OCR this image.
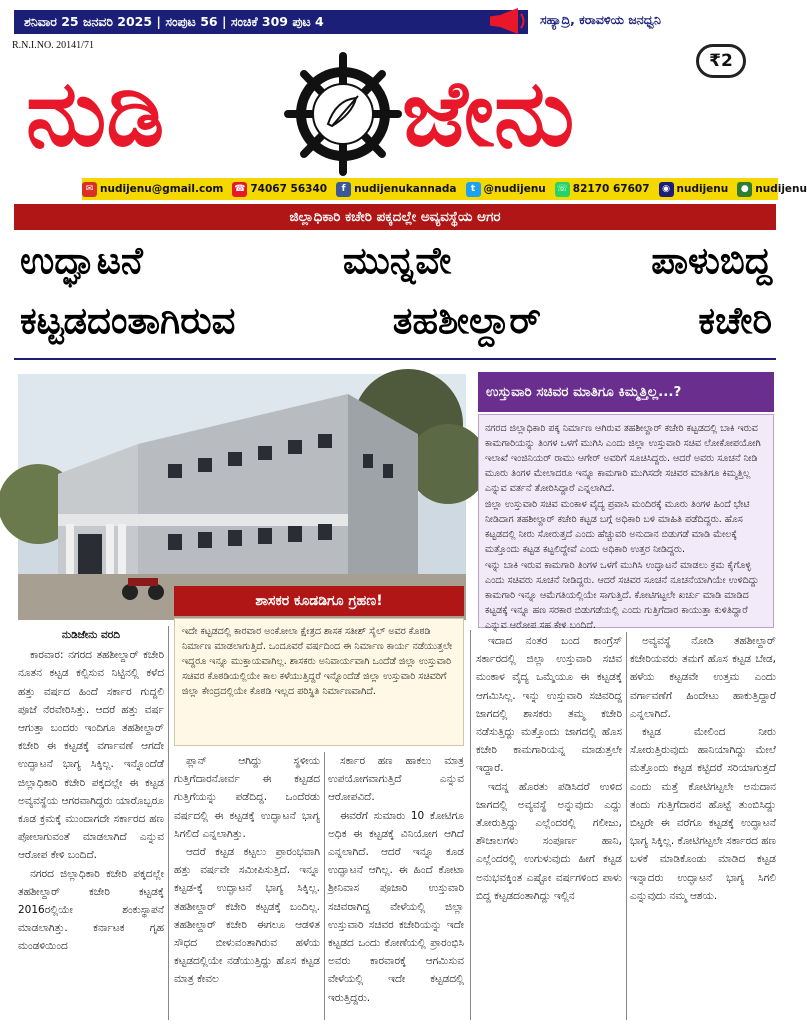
ಶನಿವಾರ 25 ಜನವರಿ 2025 | ಸಂಪುಟ 56 | ಸಂಚಿಕೆ 309 ಪುಟ 4	ಸಹ್ಯಾದ್ರಿ, ಕರಾವಳಿಯ ಜನಧ್ವನಿ
R.N.I.NO. 20141/71
ನುಡಿ	ಜೇನು	₹2
✉ nudijenu@gmail.com ☎ 74067 56340	f nudijenukannada	t @nudijenu ☏ 82170 67607	◉ nudijenu	● nudijenu
ಜಿಲ್ಲಾಧಿಕಾರಿ ಕಚೇರಿ ಪಕ್ಕದಲ್ಲೇ ಅವ್ಯವಸ್ಥೆಯ ಆಗರ
ಉದ್ಘಾಟನೆ ಮುನ್ನವೇ ಪಾಳುಬಿದ್ದ
ಕಟ್ಟಡದಂತಾಗಿರುವ ತಹಶೀಲ್ದಾರ್ ಕಚೇರಿ
ಉಸ್ತುವಾರಿ ಸಚಿವರ ಮಾತಿಗೂ ಕಿಮ್ಮತ್ತಿಲ್ಲ...?

ನಗರದ ಜಿಲ್ಲಾಧಿಕಾರಿ ಪಕ್ಕ ನಿರ್ಮಾಣ ಆಗಿರುವ ತಹಶೀಲ್ದಾರ್ ಕಚೇರಿ ಕಟ್ಟಡದಲ್ಲಿ ಬಾಕಿ ಇರುವ ಕಾಮಗಾರಿಯನ್ನು ತಿಂಗಳ ಒಳಗೆ ಮುಗಿಸಿ ಎಂದು ಜಿಲ್ಲಾ ಉಸ್ತುವಾರಿ ಸಚಿವ ಲೋಕೋಪಯೋಗಿ ಇಲಾಖೆ ಇಂಜಿನಿಯರ್ ರಾಮು ಆಗೇರ್ ಅವರಿಗೆ ಸೂಚಿಸಿದ್ದರು. ಆದರೆ ಅವರು ಸೂಚನೆ ನೀಡಿ ಮೂರು ತಿಂಗಳ ಮೇಲಾದರೂ ಇನ್ನೂ ಕಾಮಗಾರಿ ಮುಗಿಸದೇ ಸಚಿವರ ಮಾತಿಗೂ ಕಿಮ್ಮತ್ತಿಲ್ಲ ಎನ್ನುವ ವರ್ತನೆ ತೋರಿಸಿದ್ದಾರೆ ಎನ್ನಲಾಗಿದೆ.

ಜಿಲ್ಲಾ ಉಸ್ತುವಾರಿ ಸಚಿವ ಮಂಕಾಳ ವೈದ್ಯ ಪ್ರವಾಸಿ ಮಂದಿರಕ್ಕೆ ಮೂರು ತಿಂಗಳ ಹಿಂದೆ ಭೇಟಿ ನೀಡಿದಾಗ ತಹಶೀಲ್ದಾರ್ ಕಚೇರಿ ಕಟ್ಟಡ ಬಗ್ಗೆ ಅಧಿಕಾರಿ ಬಳಿ ಮಾಹಿತಿ ಪಡೆದಿದ್ದರು. ಹೊಸ ಕಟ್ಟಡದಲ್ಲಿ ನೀರು ಸೋರುತ್ತದೆ ಎಂದು ಹೆಚ್ಚುವರಿ ಅನುದಾನ ಬಿಡುಗಡೆ ಮಾಡಿ ಮೇಲಕ್ಕೆ ಮತ್ತೊಂದು ಕಟ್ಟಡ ಕಟ್ಟಲಿದ್ದೇವೆ ಎಂದು ಅಧಿಕಾರಿ ಉತ್ತರ ನೀಡಿದ್ದರು.

ಇನ್ನು ಬಾಕಿ ಇರುವ ಕಾಮಗಾರಿ ತಿಂಗಳ ಒಳಗೆ ಮುಗಿಸಿ ಉದ್ಘಾಟನೆ ಮಾಡಲು ಕ್ರಮ ಕೈಗೊಳ್ಳಿ ಎಂದು ಸಚಿವರು ಸೂಚನೆ ನೀಡಿದ್ದರು. ಆದರೆ ಸಚಿವರ ಸೂಚನೆ ನೂಚನೆಯಾಗಿಯೇ ಉಳಿದಿದ್ದು ಕಾಮಗಾರಿ ಇನ್ನೂ ಆಮೆಗತಿಯಲ್ಲಿಯೇ ಸಾಗುತ್ತಿದೆ. ಕೋಟಿಗಟ್ಟಲೇ ಖರ್ಚು ಮಾಡಿ ಮಾಡಿದ ಕಟ್ಟಡಕ್ಕೆ ಇನ್ನೂ ಹಣ ಸರಕಾರ ಬಿಡುಗಡೆಯಲ್ಲಿ ಎಂದು ಗುತ್ತಿಗೆದಾರ ಕಾಯುತ್ತಾ ಕುಳಿತಿದ್ದಾರೆ ಎನ್ನುವ ಆರೋಪ ಸಹ ಕೇಳಿ ಬಂದಿದೆ.

ಶಾಸಕರ ಕೂಡಡಿಗೂ ಗ್ರಹಣ!

ಇದೇ ಕಟ್ಟಡದಲ್ಲಿ ಕಾರವಾರ ಅಂಕೋಲಾ ಕ್ಷೇತ್ರದ ಶಾಸಕ ಸತೀಶ್ ಸೈಲ್ ಅವರ ಕೊಠಡಿ ನಿರ್ಮಾಣ ಮಾಡಲಾಗುತ್ತಿದೆ. ಒಂದೂವರೆ ವರ್ಷದಿಂದ ಈ ನಿರ್ಮಾಣ ಕಾರ್ಯ ನಡೆಯುತ್ತಲೇ ಇದ್ದರೂ ಇನ್ನೂ ಮುಕ್ತಾಯವಾಗಿಲ್ಲ. ಶಾಸಕರು ಅನಿವಾರ್ಯವಾಗಿ ಒಂದೆಡೆ ಜಿಲ್ಲಾ ಉಸ್ತುವಾರಿ ಸಚಿವರ ಕೊಠಡಿಯಲ್ಲಿಯೇ ಕಾಲ ಕಳೆಯುತ್ತಿದ್ದರೆ ಇನ್ನೊಂದೆಡೆ ಜಿಲ್ಲಾ ಉಸ್ತುವಾರಿ ಸಚಿವರಿಗೆ ಜಿಲ್ಲಾ ಕೇಂದ್ರದಲ್ಲಿಯೇ ಕೊಠಡಿ ಇಲ್ಲದ ಪರಿಸ್ಥಿತಿ ನಿರ್ಮಾಣವಾಗಿದೆ.

ನುಡಿಜೇನು ವರದಿ

ಕಾರವಾರ: ನಗರದ ತಹಶೀಲ್ದಾರ್ ಕಚೇರಿ ನೂತನ ಕಟ್ಟಡ ಕಲ್ಪಿಸುವ ನಿಟ್ಟಿನಲ್ಲಿ ಕಳೆದ ಹತ್ತು ವರ್ಷದ ಹಿಂದೆ ಸರ್ಕಾರ ಗುದ್ದಲಿ ಪೂಜೆ ನೆರವೇರಿಸಿತ್ತು. ಆದರೆ ಹತ್ತು ವರ್ಷ ಆಗುತ್ತಾ ಬಂದರು ಇಂದಿಗೂ ತಹಶೀಲ್ದಾರ್ ಕಚೇರಿ ಈ ಕಟ್ಟಡಕ್ಕೆ ವರ್ಗಾವಣೆ ಆಗದೇ ಉದ್ಘಾಟನೆ ಭಾಗ್ಯ ಸಿಕ್ಕಿಲ್ಲ. ಇನ್ನೊಂದೆಡೆ ಜಿಲ್ಲಾಧಿಕಾರಿ ಕಚೇರಿ ಪಕ್ಕದಲ್ಲೇ ಈ ಕಟ್ಟಡ ಅವ್ಯವಸ್ಥೆಯ ಆಗರವಾಗಿದ್ದರು ಯಾರೊಬ್ಬರೂ ಕೂಡ ಕ್ರಮಕ್ಕೆ ಮುಂದಾಗದೇ ಸರ್ಕಾರದ ಹಣ ಪೋಲಾಗುವಂತೆ ಮಾಡಲಾಗಿದೆ ಎನ್ನುವ ಆರೋಪ ಕೇಳಿ ಬಂದಿದೆ.

ನಗರದ ಜಿಲ್ಲಾಧಿಕಾರಿ ಕಚೇರಿ ಪಕ್ಕದಲ್ಲೇ ತಹಶೀಲ್ದಾರ್ ಕಚೇರಿ ಕಟ್ಟಡಕ್ಕೆ 2016ರಲ್ಲಿಯೇ ಶಂಕುಸ್ಥಾಪನೆ ಮಾಡಲಾಗಿತ್ತು. ಕರ್ನಾಟಕ ಗೃಹ ಮಂಡಳಿಯಿಂದ

ಪ್ಲಾನ್ ಆಗಿದ್ದು ಸ್ಥಳೀಯ ಗುತ್ತಿಗೆದಾರನೋರ್ವ ಈ ಕಟ್ಟಡದ ಗುತ್ತಿಗೆಯನ್ನು ಪಡೆದಿದ್ದ. ಒಂದೆರಡು ವರ್ಷದಲ್ಲಿ ಈ ಕಟ್ಟಡಕ್ಕೆ ಉದ್ಘಾಟನೆ ಭಾಗ್ಯ ಸಿಗಲಿದೆ ಎನ್ನಲಾಗಿತ್ತು.

ಆದರೆ ಕಟ್ಟಡ ಕಟ್ಟಲು ಪ್ರಾರಂಭವಾಗಿ ಹತ್ತು ವರ್ಷವೇ ಸಮೀಪಿಸುತ್ತಿದೆ. ಇನ್ನೂ ಕಟ್ಟಡ-ಕ್ಕೆ ಉದ್ಘಾಟನೆ ಭಾಗ್ಯ ಸಿಕ್ಕಿಲ್ಲ. ತಹಶೀಲ್ದಾರ್ ಕಚೇರಿ ಕಟ್ಟಡಕ್ಕೆ ಬಂದಿಲ್ಲ. ತಹಶೀಲ್ದಾರ್ ಕಚೇರಿ ಈಗಲೂ ಆಡಳಿತ ಸೌಧದ ಬೀಳುವಂತಾಗಿರುವ ಹಳೆಯ ಕಟ್ಟಡದಲ್ಲಿಯೇ ನಡೆಯುತ್ತಿದ್ದು ಹೊಸ ಕಟ್ಟಡ ಮಾತ್ರ ಕೇವಲ

ಸರ್ಕಾರ ಹಣ ಹಾಕಲು ಮಾತ್ರ ಉಪಯೋಗವಾಗುತ್ತಿದೆ ಎನ್ನುವ ಆರೋಪವಿದೆ.

ಈವರೆಗೆ ಸುಮಾರು 10 ಕೋಟಿಗೂ ಅಧಿಕ ಈ ಕಟ್ಟಡಕ್ಕೆ ವಿನಿಯೋಗ ಆಗಿದೆ ಎನ್ನಲಾಗಿದೆ. ಆದರೆ ಇನ್ನೂ ಕೂಡ ಉದ್ಘಾಟನೆ ಆಗಿಲ್ಲ. ಈ ಹಿಂದೆ ಕೋಟಾ ಶ್ರೀನಿವಾಸ ಪೂಜಾರಿ ಉಸ್ತುವಾರಿ ಸಚಿವರಾಗಿದ್ದ ವೇಳೆಯಲ್ಲಿ ಜಿಲ್ಲಾ ಉಸ್ತುವಾರಿ ಸಚಿವರ ಕಚೇರಿಯನ್ನು ಇದೇ ಕಟ್ಟಡದ ಒಂದು ಕೋಣೆಯಲ್ಲಿ ಪ್ರಾರಂಭಿಸಿ ಅವರು ಕಾರವಾರಕ್ಕೆ ಆಗಮಿಸುವ ವೇಳೆಯಲ್ಲಿ ಇದೇ ಕಟ್ಟಡದಲ್ಲಿ ಇರುತ್ತಿದ್ದರು.

ಇದಾದ ನಂತರ ಬಂದ ಕಾಂಗ್ರೆಸ್ ಸರ್ಕಾರದಲ್ಲಿ ಜಿಲ್ಲಾ ಉಸ್ತುವಾರಿ ಸಚಿವ ಮಂಕಾಳ ವೈದ್ಯ ಒಮ್ಮೆಯೂ ಈ ಕಟ್ಟಡಕ್ಕೆ ಆಗಮಿಸಿಲ್ಲ. ಇನ್ನು ಉಸ್ತುವಾರಿ ಸಚಿವರಿದ್ದ ಜಾಗದಲ್ಲಿ ಶಾಸಕರು ತಮ್ಮ ಕಚೇರಿ ನಡೆಸುತ್ತಿದ್ದು ಮತ್ತೊಂದು ಜಾಗದಲ್ಲಿ ಹೊಸ ಕಚೇರಿ ಕಾಮಗಾರಿಯನ್ನ ಮಾಡುತ್ತಲೇ ಇದ್ದಾರೆ.

ಇದನ್ನ ಹೊರತು ಪಡಿಸಿದರೆ ಉಳಿದ ಜಾಗದಲ್ಲಿ ಅವ್ಯವಸ್ಥೆ ಅನ್ನುವುದು ಎದ್ದು ತೋರುತ್ತಿದ್ದು ಎಲ್ಲೆಂದರಲ್ಲಿ ಗಲೀಜು, ಶೌಚಾಲಗಳು ಸಂಪೂರ್ಣ ಹಾನಿ, ಎಲ್ಲೆಂದರಲ್ಲಿ ಉಗುಳುವುದು ಹೀಗೆ ಕಟ್ಟಡ ಅನುಭವಕ್ಕಿಂತ ಎಷ್ಟೋ ವರ್ಷಗಳಿಂದ ಪಾಳು ಬಿದ್ದ ಕಟ್ಟಡದಂತಾಗಿದ್ದು ಇಲ್ಲಿನ

ಅವ್ಯವಸ್ಥೆ ನೋಡಿ ತಹಶೀಲ್ದಾರ್ ಕಚೇರಿಯವರು ತಮಗೆ ಹೊಸ ಕಟ್ಟಡ ಬೇಡ, ಹಳೆಯ ಕಟ್ಟಡವೇ ಉತ್ತಮ ಎಂದು ವರ್ಗಾವಣೆಗೆ ಹಿಂದೇಟು ಹಾಕುತ್ತಿದ್ದಾರೆ ಎನ್ನಲಾಗಿದೆ.

ಕಟ್ಟಡ ಮೇಲಿಂದ ನೀರು ಸೋರುತ್ತಿರುವುದು ಹಾನಿಯಾಗಿದ್ದು ಮೇಲೆ ಮತ್ತೊಂದು ಕಟ್ಟಡ ಕಟ್ಟಿದರೆ ಸರಿಯಾಗುತ್ತದೆ ಎಂದು ಮತ್ತೆ ಕೋಟಿಗಟ್ಟಲೇ ಅನುದಾನ ತಂದು ಗುತ್ತಿಗೆದಾರನ ಹೊಟ್ಟೆ ತುಂಬಿಸಿದ್ದು ಬಿಟ್ಟರೇ ಈ ವರೆಗೂ ಕಟ್ಟಡಕ್ಕೆ ಉದ್ಘಾಟನೆ ಭಾಗ್ಯ ಸಿಕ್ಕಿಲ್ಲ. ಕೋಟಿಗಟ್ಟಲೇ ಸರ್ಕಾರದ ಹಣ ಬಳಕೆ ಮಾಡಿಕೊಂಡು ಮಾಡಿದ ಕಟ್ಟಡ ಇನ್ನಾದರು ಉದ್ಘಾಟನೆ ಭಾಗ್ಯ ಸಿಗಲಿ ಎನ್ನುವುದು ನಮ್ಮ ಆಶಯ.
